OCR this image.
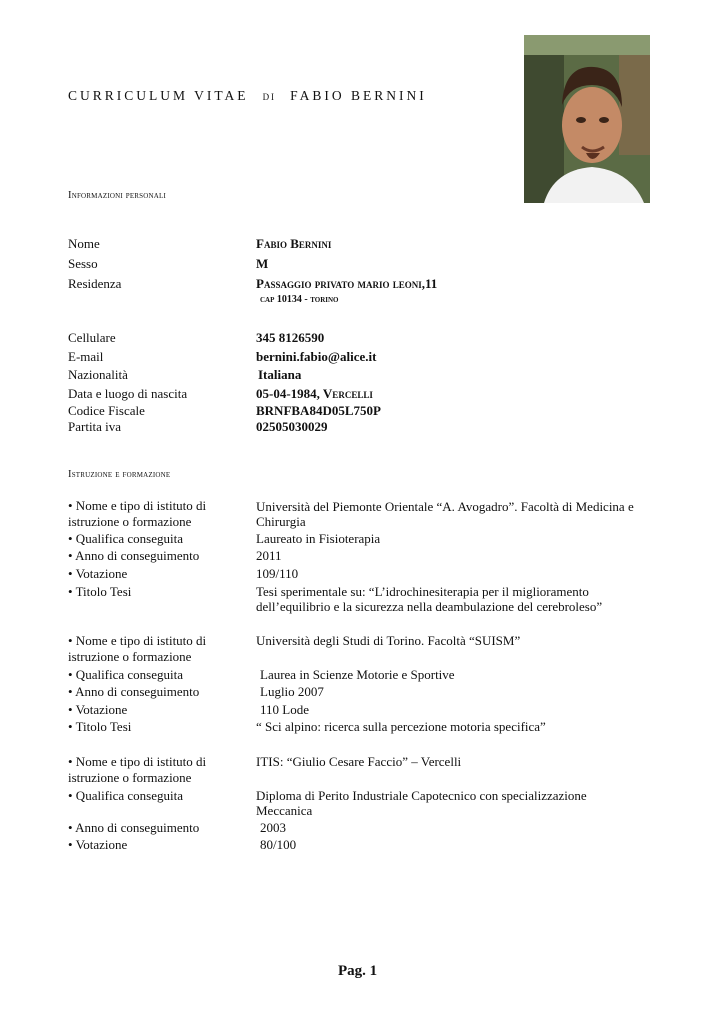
CURRICULUM VITAE DI FABIO BERNINI
Informazioni personali
Nome	Fabio Bernini
Sesso	M
Residenza	Passaggio privato mario leoni,11
cap 10134 - torino
Cellulare	345 8126590
E-mail	bernini.fabio@alice.it
Nazionalità	Italiana
Data e luogo di nascita	05-04-1984, Vercelli
Codice Fiscale	BRNFBA84D05L750P
Partita iva	02505030029
Istruzione e formazione
• Nome e tipo di istituto di istruzione o formazione
Università del Piemonte Orientale “A. Avogadro”. Facoltà di Medicina e Chirurgia
• Qualifica conseguita	Laureato in Fisioterapia
• Anno di conseguimento	2011
• Votazione	109/110
• Titolo Tesi	Tesi sperimentale su: “L’idrochinesiterapia per il miglioramento dell’equilibrio e la sicurezza nella deambulazione del cerebroleso”
• Nome e tipo di istituto di istruzione o formazione
Università degli Studi di Torino. Facoltà “SUISM”
• Qualifica conseguita	Laurea in Scienze Motorie e Sportive
• Anno di conseguimento	Luglio 2007
• Votazione	110 Lode
• Titolo Tesi	“ Sci alpino: ricerca sulla percezione motoria specifica”
• Nome e tipo di istituto di istruzione o formazione
ITIS: “Giulio Cesare Faccio” – Vercelli
• Qualifica conseguita	Diploma di Perito Industriale Capotecnico con specializzazione Meccanica
• Anno di conseguimento	2003
• Votazione	80/100
Pag. 1
